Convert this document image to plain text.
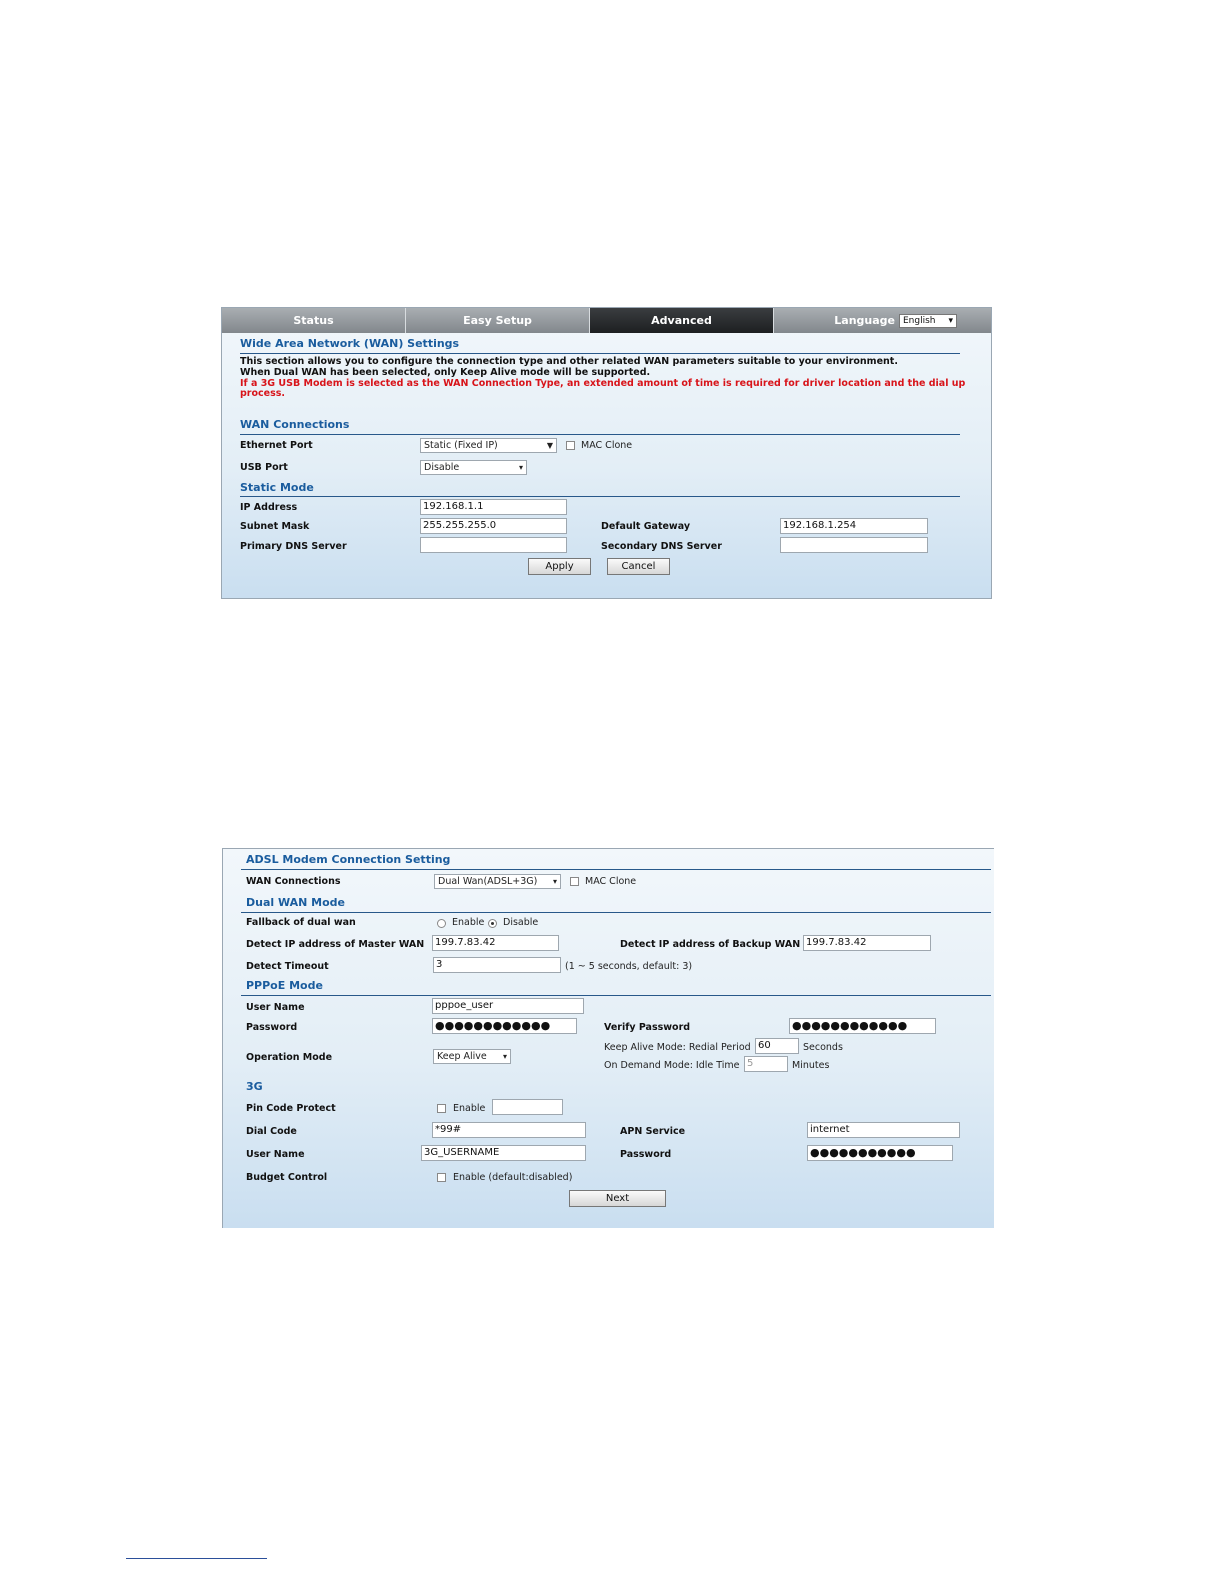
Status	Easy Setup	Advanced	Language English ▾
Wide Area Network (WAN) Settings
This section allows you to configure the connection type and other related WAN parameters suitable to your environment.
When Dual WAN has been selected, only Keep Alive mode will be supported.
If a 3G USB Modem is selected as the WAN Connection Type, an extended amount of time is required for driver location and the dial up
process.
WAN Connections
Ethernet Port	Static (Fixed IP)	▼	MAC Clone
USB Port	Disable	▾
Static Mode
IP Address	192.168.1.1
Subnet Mask	255.255.255.0	Default Gateway	192.168.1.254
Primary DNS Server	Secondary DNS Server
Apply	Cancel
ADSL Modem Connection Setting
WAN Connections	Dual Wan(ADSL+3G) ▾	MAC Clone
Dual WAN Mode
Fallback of dual wan	Enable Disable
Detect IP address of Master WAN	199.7.83.42	Detect IP address of Backup WAN 199.7.83.42
Detect Timeout	3	(1 ~ 5 seconds, default: 3)
PPPoE Mode
User Name	pppoe_user
Password	●●●●●●●●●●●●	Verify Password	●●●●●●●●●●●●
Operation Mode	Keep Alive ▾
Keep Alive Mode: Redial Period 60	Seconds
On Demand Mode: Idle Time 5	Minutes
3G
Pin Code Protect	Enable
Dial Code	*99#	APN Service	internet
User Name	3G_USERNAME	Password	●●●●●●●●●●●
Budget Control	Enable (default:disabled)
Next
